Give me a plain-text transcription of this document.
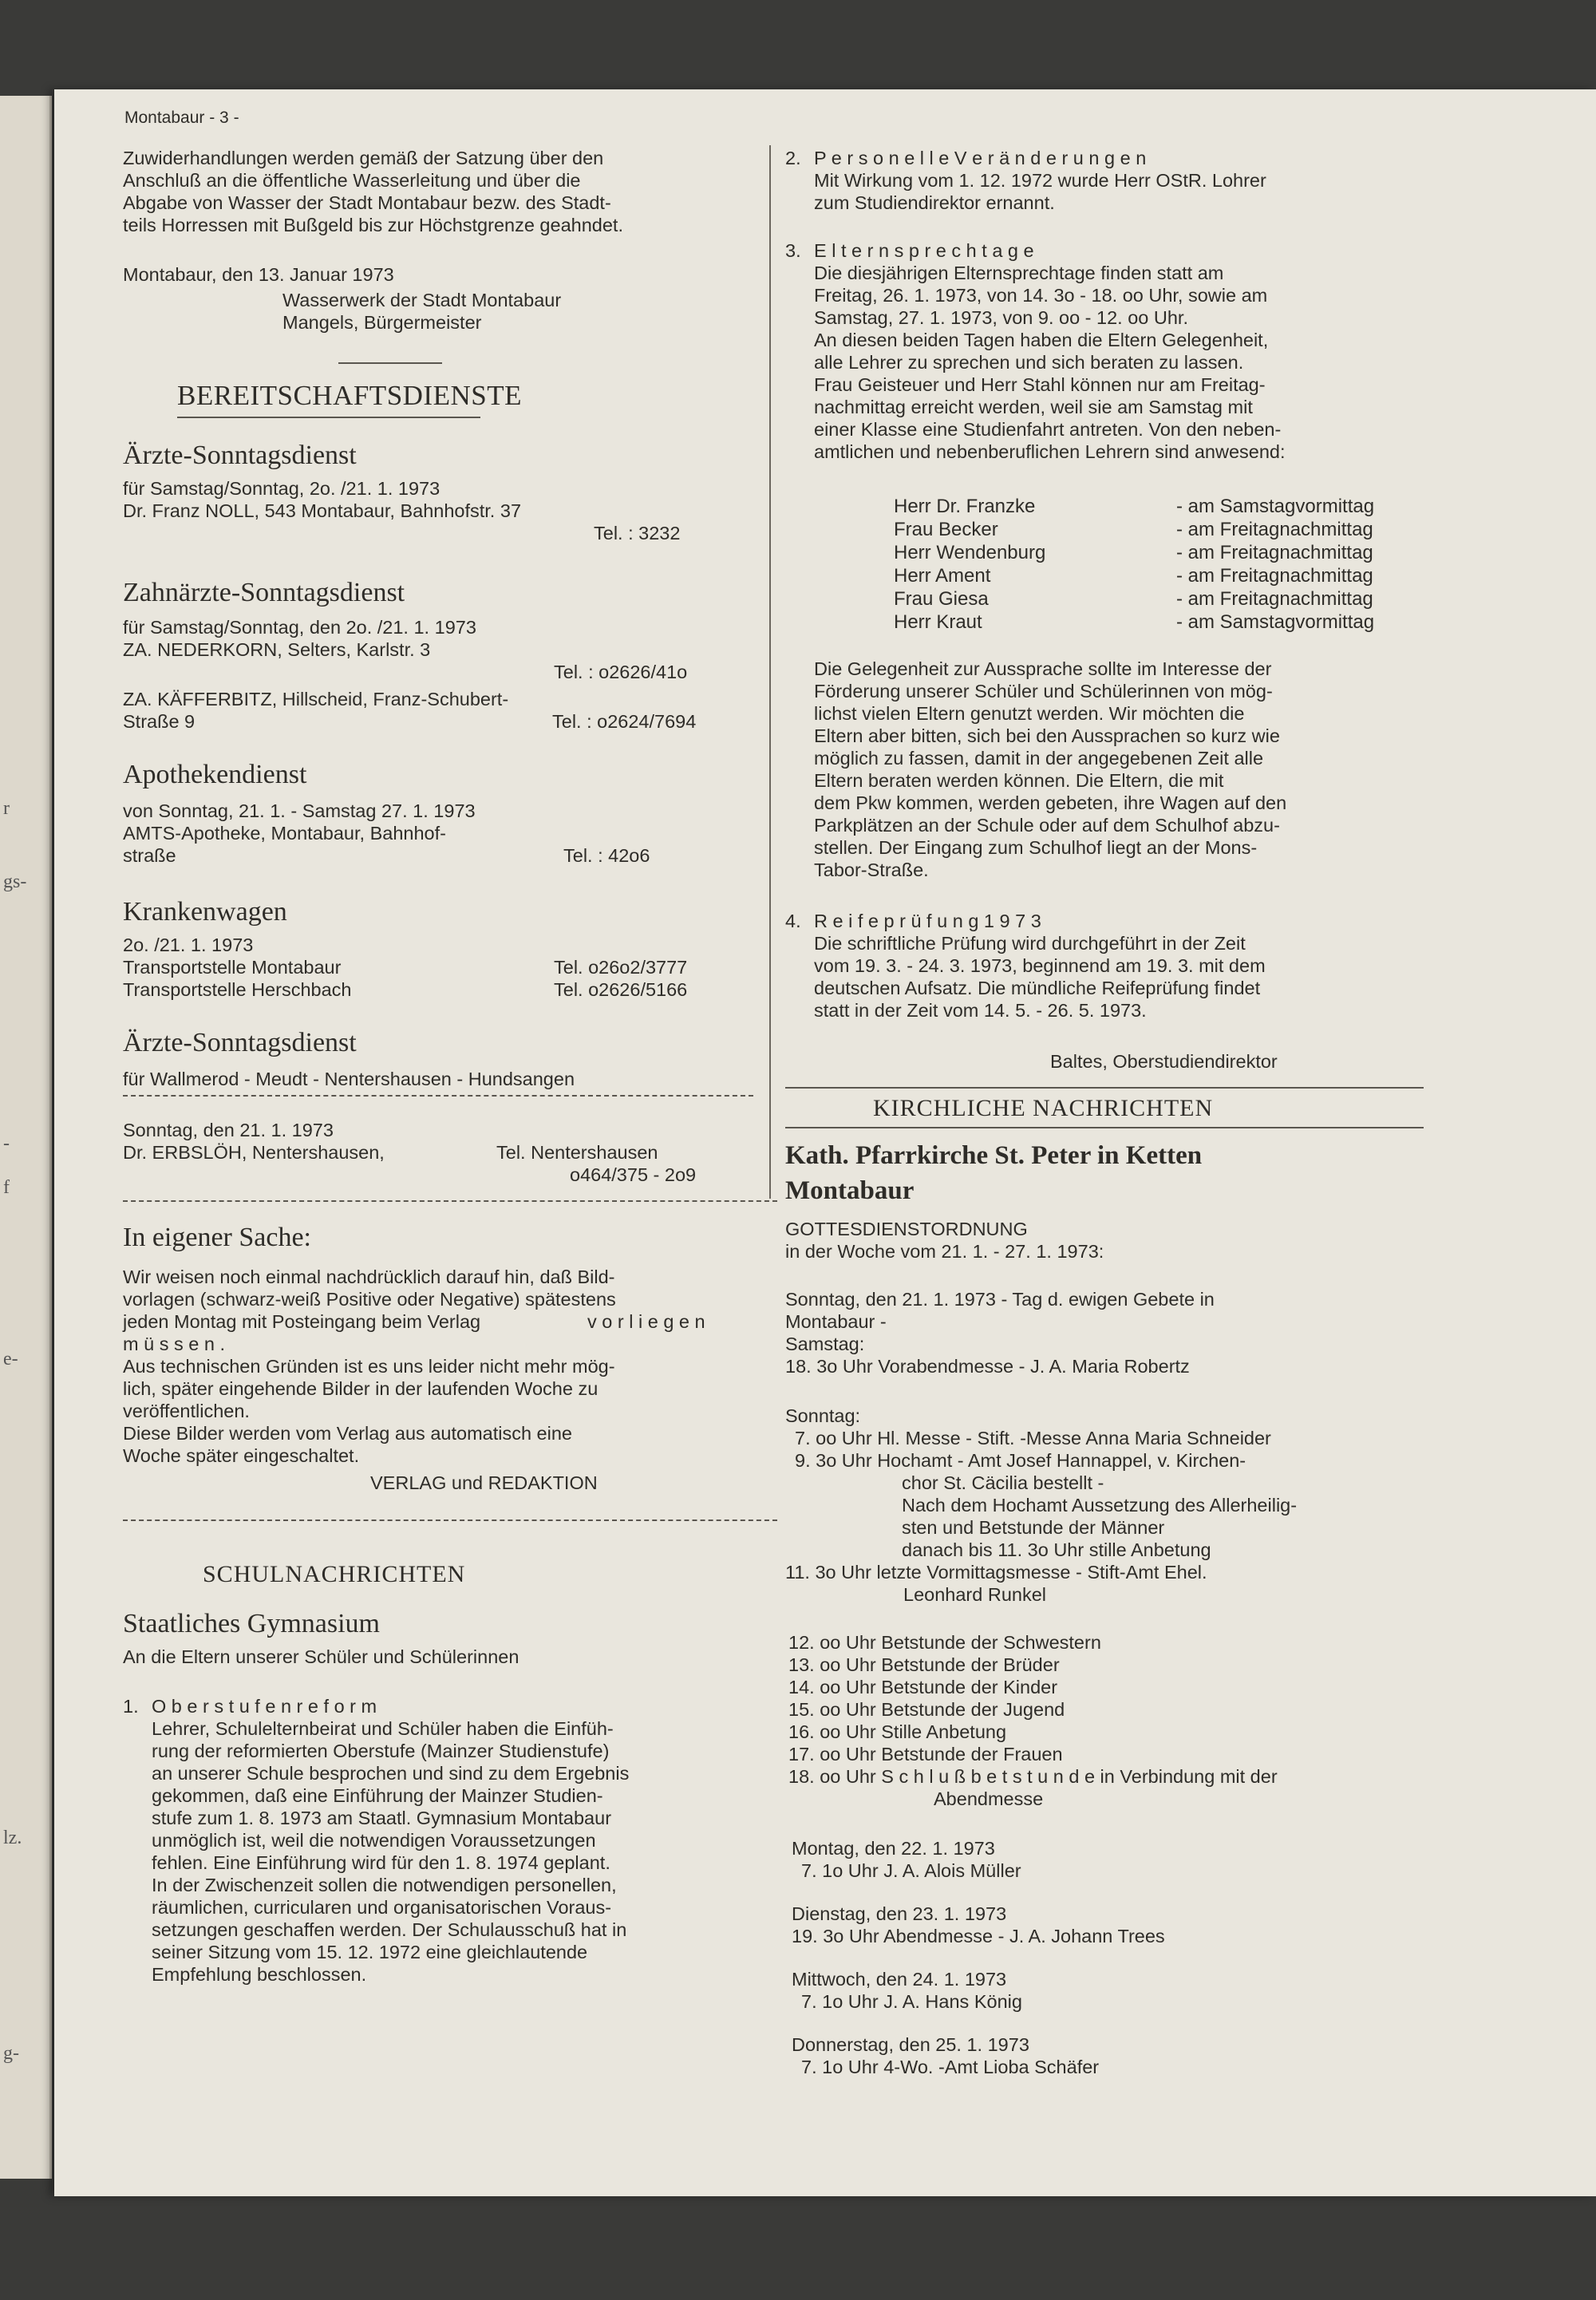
r
gs-
-
f
e-
lz.
g-
Montabaur - 3 -
Zuwiderhandlungen werden gemäß der Satzung über den
Anschluß an die öffentliche Wasserleitung und über die
Abgabe von Wasser der Stadt Montabaur bezw. des Stadt-
teils Horressen mit Bußgeld bis zur Höchstgrenze geahndet.
Montabaur, den 13. Januar 1973
Wasserwerk der Stadt Montabaur
Mangels, Bürgermeister
BEREITSCHAFTSDIENSTE
Ärzte-Sonntagsdienst
für Samstag/Sonntag, 2o. /21. 1. 1973
Dr. Franz NOLL, 543 Montabaur, Bahnhofstr. 37
Tel. : 3232
Zahnärzte-Sonntagsdienst
für Samstag/Sonntag, den 2o. /21. 1. 1973
ZA. NEDERKORN, Selters, Karlstr. 3
Tel. : o2626/41o
ZA. KÄFFERBITZ, Hillscheid, Franz-Schubert-
Straße 9	Tel. : o2624/7694
Apothekendienst
von Sonntag, 21. 1. - Samstag 27. 1. 1973
AMTS-Apotheke, Montabaur, Bahnhof-
straße	Tel. : 42o6
Krankenwagen
2o. /21. 1. 1973
Transportstelle Montabaur	Tel. o26o2/3777
Transportstelle Herschbach	Tel. o2626/5166
Ärzte-Sonntagsdienst
für Wallmerod - Meudt - Nentershausen - Hundsangen
Sonntag, den 21. 1. 1973
Dr. ERBSLÖH, Nentershausen,	Tel. Nentershausen
o464/375 - 2o9
In eigener Sache:
Wir weisen noch einmal nachdrücklich darauf hin, daß Bild-
vorlagen (schwarz-weiß Positive oder Negative) spätestens
jeden Montag mit Posteingang beim Verlag	v o r l i e g e n
m ü s s e n .
Aus technischen Gründen ist es uns leider nicht mehr mög-
lich, später eingehende Bilder in der laufenden Woche zu
veröffentlichen.
Diese Bilder werden vom Verlag aus automatisch eine
Woche später eingeschaltet.
VERLAG und REDAKTION
SCHULNACHRICHTEN
Staatliches Gymnasium
An die Eltern unserer Schüler und Schülerinnen
1. O b e r s t u f e n r e f o r m
Lehrer, Schulelternbeirat und Schüler haben die Einfüh-
rung der reformierten Oberstufe (Mainzer Studienstufe)
an unserer Schule besprochen und sind zu dem Ergebnis
gekommen, daß eine Einführung der Mainzer Studien-
stufe zum 1. 8. 1973 am Staatl. Gymnasium Montabaur
unmöglich ist, weil die notwendigen Voraussetzungen
fehlen. Eine Einführung wird für den 1. 8. 1974 geplant.
In der Zwischenzeit sollen die notwendigen personellen,
räumlichen, curricularen und organisatorischen Voraus-
setzungen geschaffen werden. Der Schulausschuß hat in
seiner Sitzung vom 15. 12. 1972 eine gleichlautende
Empfehlung beschlossen.
2. P e r s o n e l l e V e r ä n d e r u n g e n
Mit Wirkung vom 1. 12. 1972 wurde Herr OStR. Lohrer
zum Studiendirektor ernannt.
3. E l t e r n s p r e c h t a g e
Die diesjährigen Elternsprechtage finden statt am
Freitag, 26. 1. 1973, von 14. 3o - 18. oo Uhr, sowie am
Samstag, 27. 1. 1973, von 9. oo - 12. oo Uhr.
An diesen beiden Tagen haben die Eltern Gelegenheit,
alle Lehrer zu sprechen und sich beraten zu lassen.
Frau Geisteuer und Herr Stahl können nur am Freitag-
nachmittag erreicht werden, weil sie am Samstag mit
einer Klasse eine Studienfahrt antreten. Von den neben-
amtlichen und nebenberuflichen Lehrern sind anwesend:
Herr Dr. Franzke	- am Samstagvormittag
Frau Becker	- am Freitagnachmittag
Herr Wendenburg	- am Freitagnachmittag
Herr Ament	- am Freitagnachmittag
Frau Giesa	- am Freitagnachmittag
Herr Kraut	- am Samstagvormittag
Die Gelegenheit zur Aussprache sollte im Interesse der
Förderung unserer Schüler und Schülerinnen von mög-
lichst vielen Eltern genutzt werden. Wir möchten die
Eltern aber bitten, sich bei den Aussprachen so kurz wie
möglich zu fassen, damit in der angegebenen Zeit alle
Eltern beraten werden können. Die Eltern, die mit
dem Pkw kommen, werden gebeten, ihre Wagen auf den
Parkplätzen an der Schule oder auf dem Schulhof abzu-
stellen. Der Eingang zum Schulhof liegt an der Mons-
Tabor-Straße.
4. R e i f e p r ü f u n g 1 9 7 3
Die schriftliche Prüfung wird durchgeführt in der Zeit
vom 19. 3. - 24. 3. 1973, beginnend am 19. 3. mit dem
deutschen Aufsatz. Die mündliche Reifeprüfung findet
statt in der Zeit vom 14. 5. - 26. 5. 1973.
Baltes, Oberstudiendirektor
KIRCHLICHE NACHRICHTEN
Kath. Pfarrkirche St. Peter in Ketten
Montabaur
GOTTESDIENSTORDNUNG
in der Woche vom 21. 1. - 27. 1. 1973:
Sonntag, den 21. 1. 1973 - Tag d. ewigen Gebete in
Montabaur -
Samstag:
18. 3o Uhr Vorabendmesse - J. A. Maria Robertz
Sonntag:
7. oo Uhr Hl. Messe - Stift. -Messe Anna Maria Schneider
9. 3o Uhr Hochamt - Amt Josef Hannappel, v. Kirchen-
chor St. Cäcilia bestellt -
Nach dem Hochamt Aussetzung des Allerheilig-
sten und Betstunde der Männer
danach bis 11. 3o Uhr stille Anbetung
11. 3o Uhr letzte Vormittagsmesse - Stift-Amt Ehel.
Leonhard Runkel
12. oo Uhr Betstunde der Schwestern
13. oo Uhr Betstunde der Brüder
14. oo Uhr Betstunde der Kinder
15. oo Uhr Betstunde der Jugend
16. oo Uhr Stille Anbetung
17. oo Uhr Betstunde der Frauen
18. oo Uhr S c h l u ß b e t s t u n d e in Verbindung mit der
Abendmesse
Montag, den 22. 1. 1973
7. 1o Uhr J. A. Alois Müller
Dienstag, den 23. 1. 1973
19. 3o Uhr Abendmesse - J. A. Johann Trees
Mittwoch, den 24. 1. 1973
7. 1o Uhr J. A. Hans König
Donnerstag, den 25. 1. 1973
7. 1o Uhr 4-Wo. -Amt Lioba Schäfer
